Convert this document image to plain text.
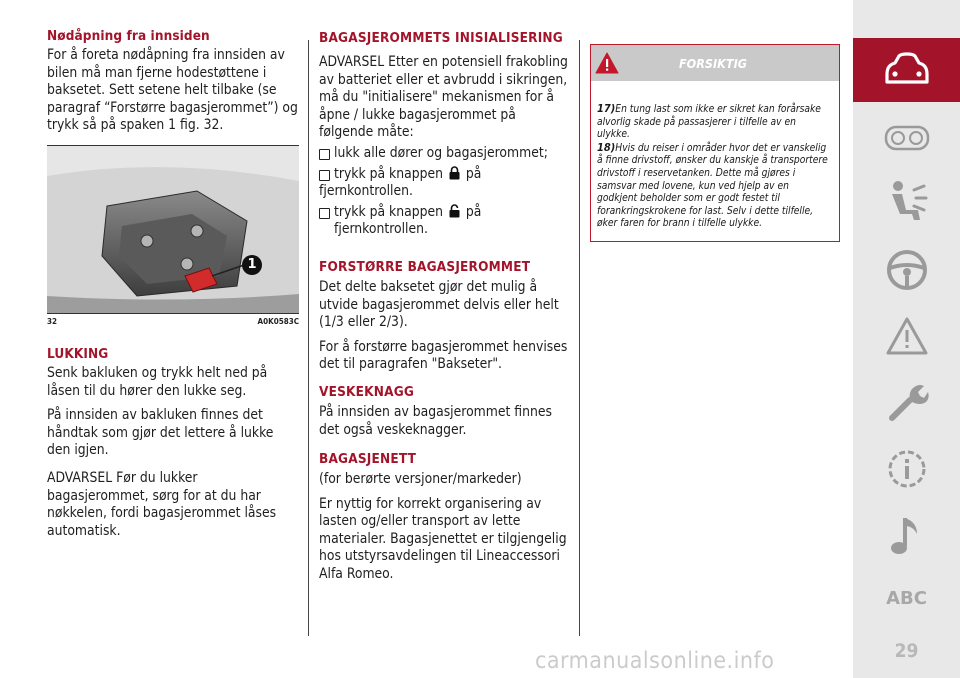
Nødåpning fra innsiden

For å foreta nødåpning fra innsiden av bilen må man fjerne hodestøttene i baksetet. Sett setene helt tilbake (se paragraf “Forstørre bagasjerommet”) og trykk så på spaken 1 fig. 32.

1
32	A0K0583C
LUKKING

Senk bakluken og trykk helt ned på låsen til du hører den lukke seg.

På innsiden av bakluken finnes det håndtak som gjør det lettere å lukke den igjen.

ADVARSEL Før du lukker bagasjerommet, sørg for at du har nøkkelen, fordi bagasjerommet låses automatisk.

BAGASJEROMMETS INISIALISERING

ADVARSEL Etter en potensiell frakobling av batteriet eller et avbrudd i sikringen, må du "initialisere" mekanismen for å åpne / lukke bagasjerommet på følgende måte:

lukk alle dører og bagasjerommet;
trykk på knappen på

fjernkontrollen.

trykk på knappen på fjernkontrollen.
FORSTØRRE BAGASJEROMMET

Det delte baksetet gjør det mulig å utvide bagasjerommet delvis eller helt (1/3 eller 2/3).

For å forstørre bagasjerommet henvises det til paragrafen "Bakseter".

VESKEKNAGG

På innsiden av bagasjerommet finnes det også veskeknagger.

BAGASJENETT

(for berørte versjoner/markeder)

Er nyttig for korrekt organisering av lasten og/eller transport av lette materialer. Bagasjenettet er tilgjengelig hos utstyrsavdelingen til Lineaccessori Alfa Romeo.

FORSIKTIG
17)En tung last som ikke er sikret kan forårsake alvorlig skade på passasjerer i tilfelle av en ulykke.
18)Hvis du reiser i områder hvor det er vanskelig å finne drivstoff, ønsker du kanskje å transportere drivstoff i reservetanken. Dette må gjøres i samsvar med lovene, kun ved hjelp av en godkjent beholder som er godt festet til forankringskrokene for last. Selv i dette tilfelle, øker faren for brann i tilfelle ulykke.
ABC
29
carmanualsonline.info
